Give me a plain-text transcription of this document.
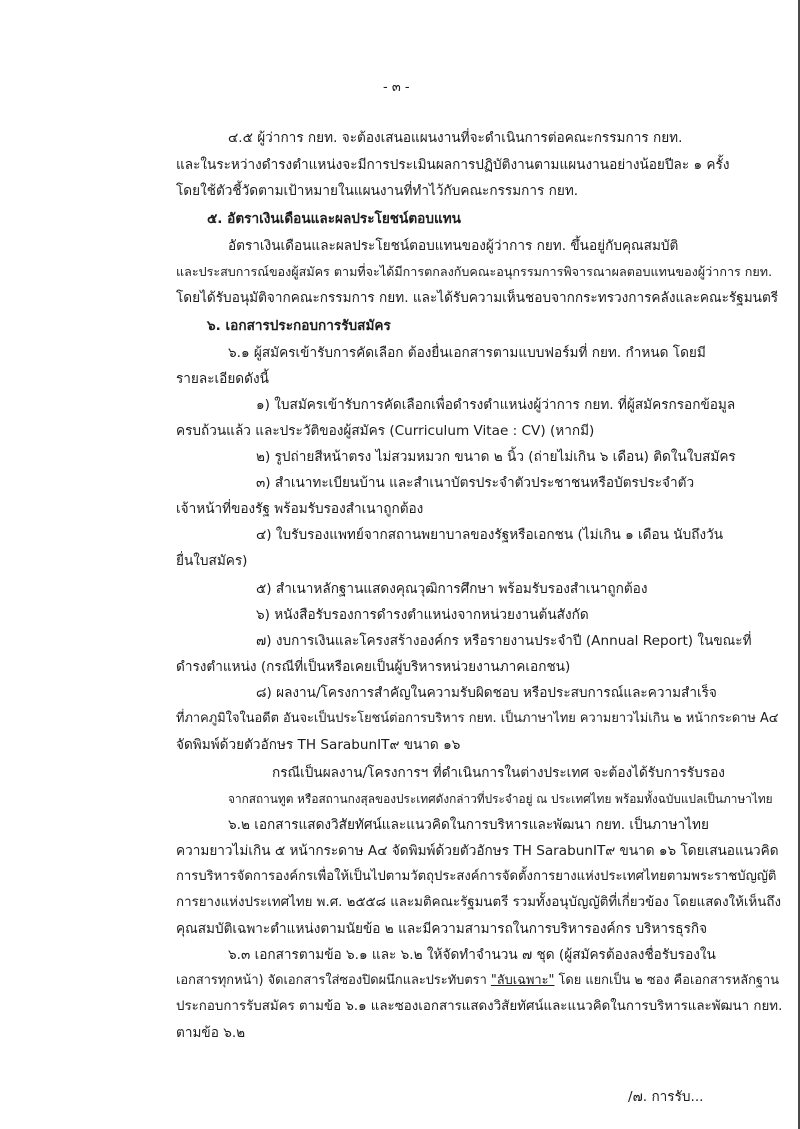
- ๓ -

๔.๕ ผู้ว่าการ กยท. จะต้องเสนอแผนงานที่จะดำเนินการต่อคณะกรรมการ กยท.

และในระหว่างดำรงตำแหน่งจะมีการประเมินผลการปฏิบัติงานตามแผนงานอย่างน้อยปีละ ๑ ครั้ง

โดยใช้ตัวชี้วัดตามเป้าหมายในแผนงานที่ทำไว้กับคณะกรรมการ กยท.

๕. อัตราเงินเดือนและผลประโยชน์ตอบแทน

อัตราเงินเดือนและผลประโยชน์ตอบแทนของผู้ว่าการ กยท. ขึ้นอยู่กับคุณสมบัติ

และประสบการณ์ของผู้สมัคร ตามที่จะได้มีการตกลงกับคณะอนุกรรมการพิจารณาผลตอบแทนของผู้ว่าการ กยท.

โดยได้รับอนุมัติจากคณะกรรมการ กยท. และได้รับความเห็นชอบจากกระทรวงการคลังและคณะรัฐมนตรี

๖. เอกสารประกอบการรับสมัคร

๖.๑ ผู้สมัครเข้ารับการคัดเลือก ต้องยื่นเอกสารตามแบบฟอร์มที่ กยท. กำหนด โดยมี

รายละเอียดดังนี้

๑) ใบสมัครเข้ารับการคัดเลือกเพื่อดำรงตำแหน่งผู้ว่าการ กยท. ที่ผู้สมัครกรอกข้อมูล

ครบถ้วนแล้ว และประวัติของผู้สมัคร (Curriculum Vitae : CV) (หากมี)

๒) รูปถ่ายสีหน้าตรง ไม่สวมหมวก ขนาด ๒ นิ้ว (ถ่ายไม่เกิน ๖ เดือน) ติดในใบสมัคร

๓) สำเนาทะเบียนบ้าน และสำเนาบัตรประจำตัวประชาชนหรือบัตรประจำตัว

เจ้าหน้าที่ของรัฐ พร้อมรับรองสำเนาถูกต้อง

๔) ใบรับรองแพทย์จากสถานพยาบาลของรัฐหรือเอกชน (ไม่เกิน ๑ เดือน นับถึงวัน

ยื่นใบสมัคร)

๕) สำเนาหลักฐานแสดงคุณวุฒิการศึกษา พร้อมรับรองสำเนาถูกต้อง

๖) หนังสือรับรองการดำรงตำแหน่งจากหน่วยงานต้นสังกัด

๗) งบการเงินและโครงสร้างองค์กร หรือรายงานประจำปี (Annual Report) ในขณะที่

ดำรงตำแหน่ง (กรณีที่เป็นหรือเคยเป็นผู้บริหารหน่วยงานภาคเอกชน)

๘) ผลงาน/โครงการสำคัญในความรับผิดชอบ หรือประสบการณ์และความสำเร็จ

ที่ภาคภูมิใจในอดีต อันจะเป็นประโยชน์ต่อการบริหาร กยท. เป็นภาษาไทย ความยาวไม่เกิน ๒ หน้ากระดาษ A๔

จัดพิมพ์ด้วยตัวอักษร TH SarabunIT๙ ขนาด ๑๖

กรณีเป็นผลงาน/โครงการฯ ที่ดำเนินการในต่างประเทศ จะต้องได้รับการรับรอง

จากสถานทูต หรือสถานกงสุลของประเทศดังกล่าวที่ประจำอยู่ ณ ประเทศไทย พร้อมทั้งฉบับแปลเป็นภาษาไทย

๖.๒ เอกสารแสดงวิสัยทัศน์และแนวคิดในการบริหารและพัฒนา กยท. เป็นภาษาไทย

ความยาวไม่เกิน ๕ หน้ากระดาษ A๔ จัดพิมพ์ด้วยตัวอักษร TH SarabunIT๙ ขนาด ๑๖ โดยเสนอแนวคิด

การบริหารจัดการองค์กรเพื่อให้เป็นไปตามวัตถุประสงค์การจัดตั้งการยางแห่งประเทศไทยตามพระราชบัญญัติ

การยางแห่งประเทศไทย พ.ศ. ๒๕๕๘ และมติคณะรัฐมนตรี รวมทั้งอนุบัญญัติที่เกี่ยวข้อง โดยแสดงให้เห็นถึง

คุณสมบัติเฉพาะตำแหน่งตามนัยข้อ ๒ และมีความสามารถในการบริหารองค์กร บริหารธุรกิจ

๖.๓ เอกสารตามข้อ ๖.๑ และ ๖.๒ ให้จัดทำจำนวน ๗ ชุด (ผู้สมัครต้องลงชื่อรับรองใน

เอกสารทุกหน้า) จัดเอกสารใส่ซองปิดผนึกและประทับตรา "ลับเฉพาะ" โดย แยกเป็น ๒ ซอง คือเอกสารหลักฐาน

ประกอบการรับสมัคร ตามข้อ ๖.๑ และซองเอกสารแสดงวิสัยทัศน์และแนวคิดในการบริหารและพัฒนา กยท.

ตามข้อ ๖.๒

/๗. การรับ...
